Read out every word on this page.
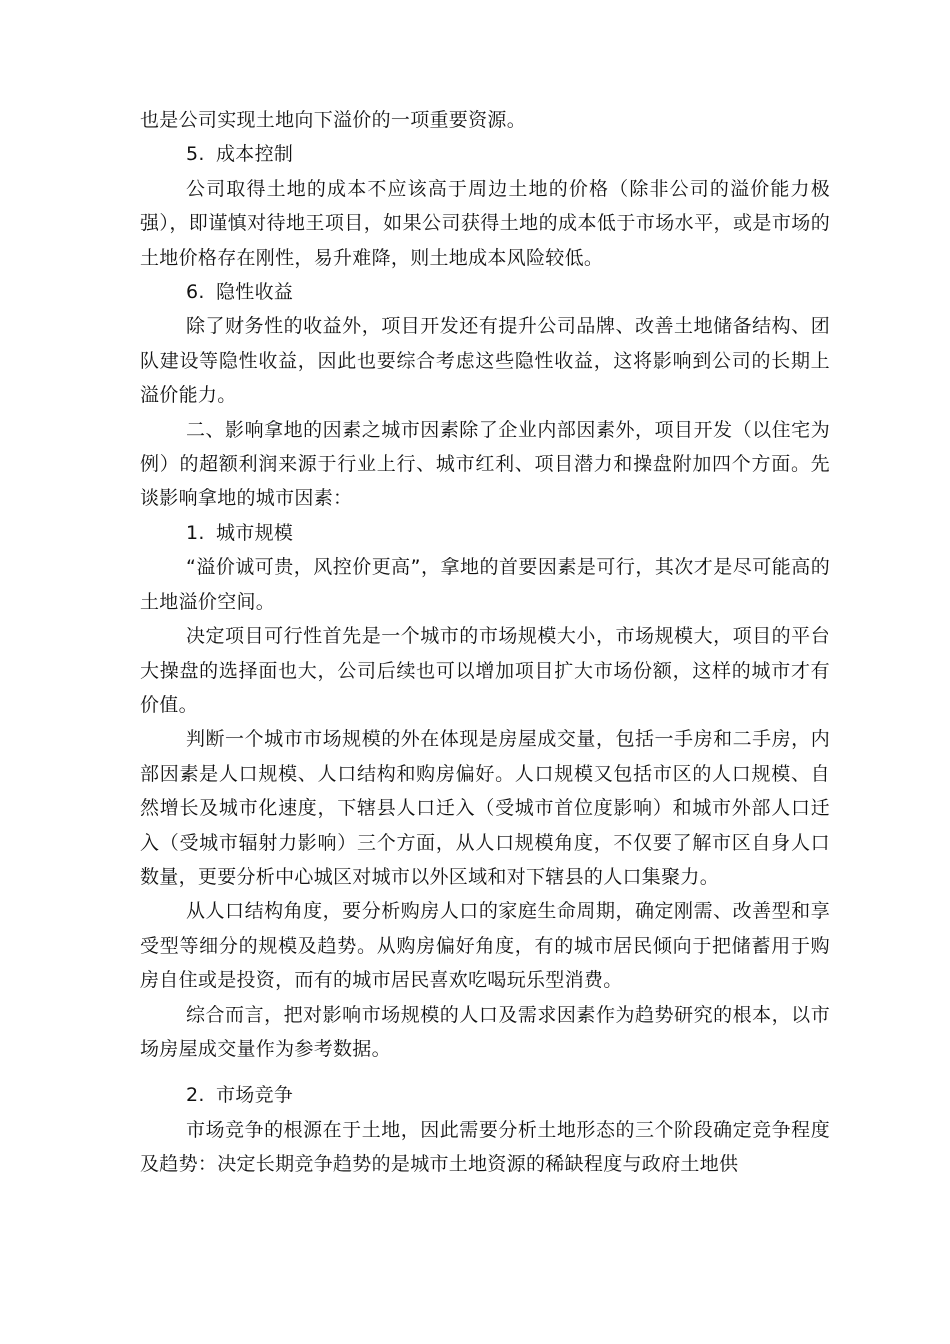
也是公司实现土地向下溢价的一项重要资源。

5. 成本控制

公司取得土地的成本不应该高于周边土地的价格（除非公司的溢价能力极强），即谨慎对待地王项目，如果公司获得土地的成本低于市场水平，或是市场的土地价格存在刚性，易升难降，则土地成本风险较低。

6. 隐性收益

除了财务性的收益外，项目开发还有提升公司品牌、改善土地储备结构、团队建设等隐性收益，因此也要综合考虑这些隐性收益，这将影响到公司的长期上溢价能力。

二、影响拿地的因素之城市因素除了企业内部因素外，项目开发（以住宅为例）的超额利润来源于行业上行、城市红利、项目潜力和操盘附加四个方面。先谈影响拿地的城市因素：

1. 城市规模

“溢价诚可贵，风控价更高”，拿地的首要因素是可行，其次才是尽可能高的土地溢价空间。

决定项目可行性首先是一个城市的市场规模大小，市场规模大，项目的平台大操盘的选择面也大，公司后续也可以增加项目扩大市场份额，这样的城市才有价值。

判断一个城市市场规模的外在体现是房屋成交量，包括一手房和二手房，内部因素是人口规模、人口结构和购房偏好。人口规模又包括市区的人口规模、自然增长及城市化速度，下辖县人口迁入（受城市首位度影响）和城市外部人口迁入（受城市辐射力影响）三个方面，从人口规模角度，不仅要了解市区自身人口数量，更要分析中心城区对城市以外区域和对下辖县的人口集聚力。

从人口结构角度，要分析购房人口的家庭生命周期，确定刚需、改善型和享受型等细分的规模及趋势。从购房偏好角度，有的城市居民倾向于把储蓄用于购房自住或是投资，而有的城市居民喜欢吃喝玩乐型消费。

综合而言，把对影响市场规模的人口及需求因素作为趋势研究的根本，以市场房屋成交量作为参考数据。

2. 市场竞争

市场竞争的根源在于土地，因此需要分析土地形态的三个阶段确定竞争程度及趋势：决定长期竞争趋势的是城市土地资源的稀缺程度与政府土地供
